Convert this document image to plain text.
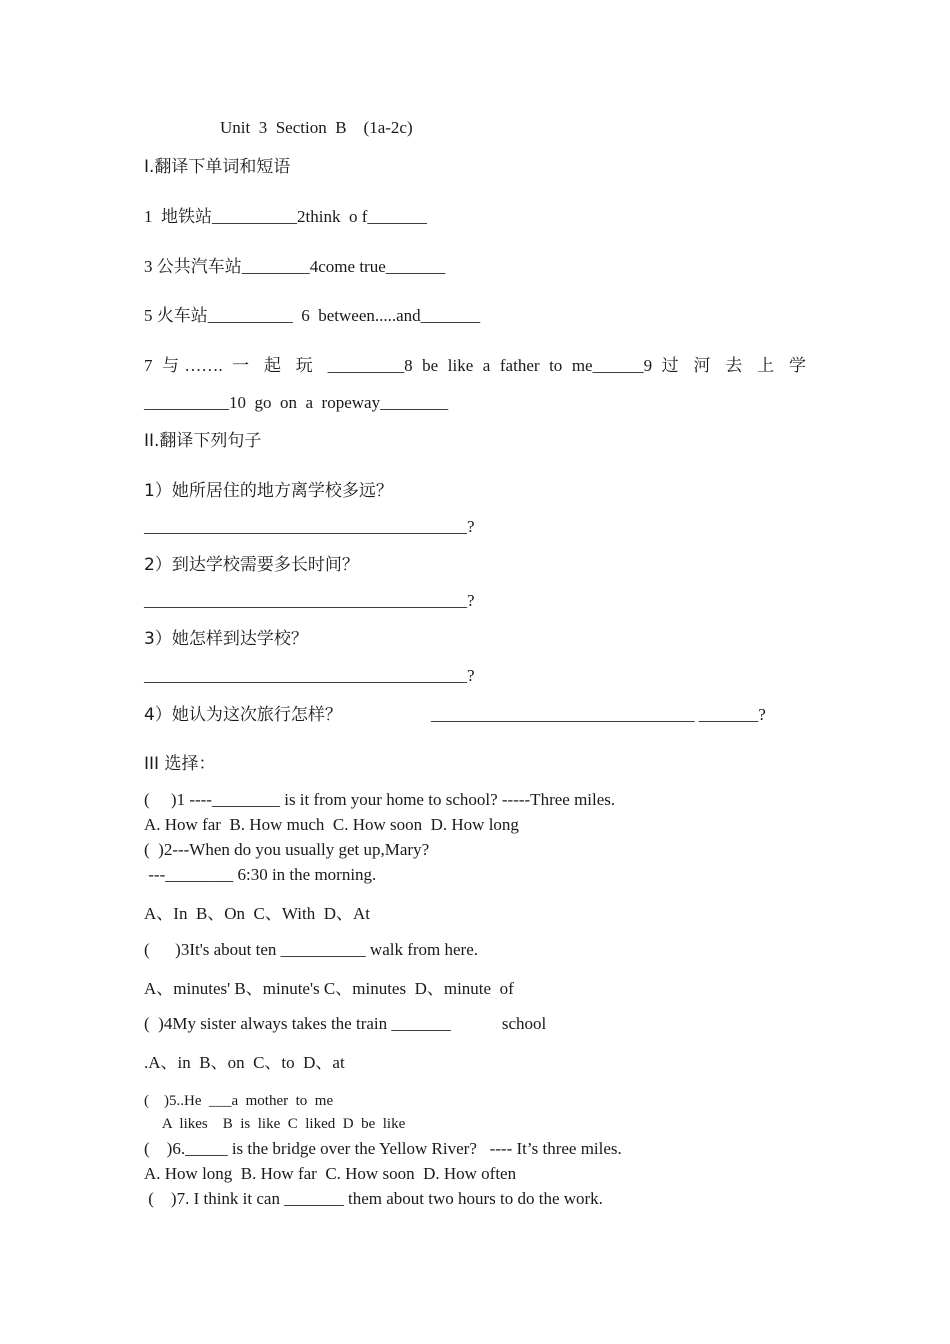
Unit  3  Section  B    (1a-2c)
I.翻译下单词和短语
1  地铁站__________2think  o f_______
3 公共汽车站________4come true_______
5 火车站__________  6  between.....and_______
7 与……. 一 起 玩 _________8 be like a father to me______9 过 河 去 上 学
__________10  go  on  a  ropeway________
II.翻译下列句子
1）她所居住的地方离学校多远？
______________________________________?
2）到达学校需要多长时间？
______________________________________?
3）她怎样到达学校？
______________________________________?
4）她认为这次旅行怎样？	_______________________________ _______?
III 选择：
(     )1 ----________ is it from your home to school? -----Three miles.
A. How far  B. How much  C. How soon  D. How long
(  )2---When do you usually get up,Mary?
---________ 6:30 in the morning.
A、In  B、On  C、With  D、At
(      )3It's about ten __________ walk from here.
A、minutes' B、minute's C、minutes  D、minute  of
(  )4My sister always takes the train _______            school
.A、in  B、on  C、to  D、at
(    )5..He  ___a  mother  to  me
A  likes    B  is  like  C  liked  D  be  like
(    )6._____ is the bridge over the Yellow River?   ---- It’s three miles.
A. How long  B. How far  C. How soon  D. How often
(    )7. I think it can _______ them about two hours to do the work.
